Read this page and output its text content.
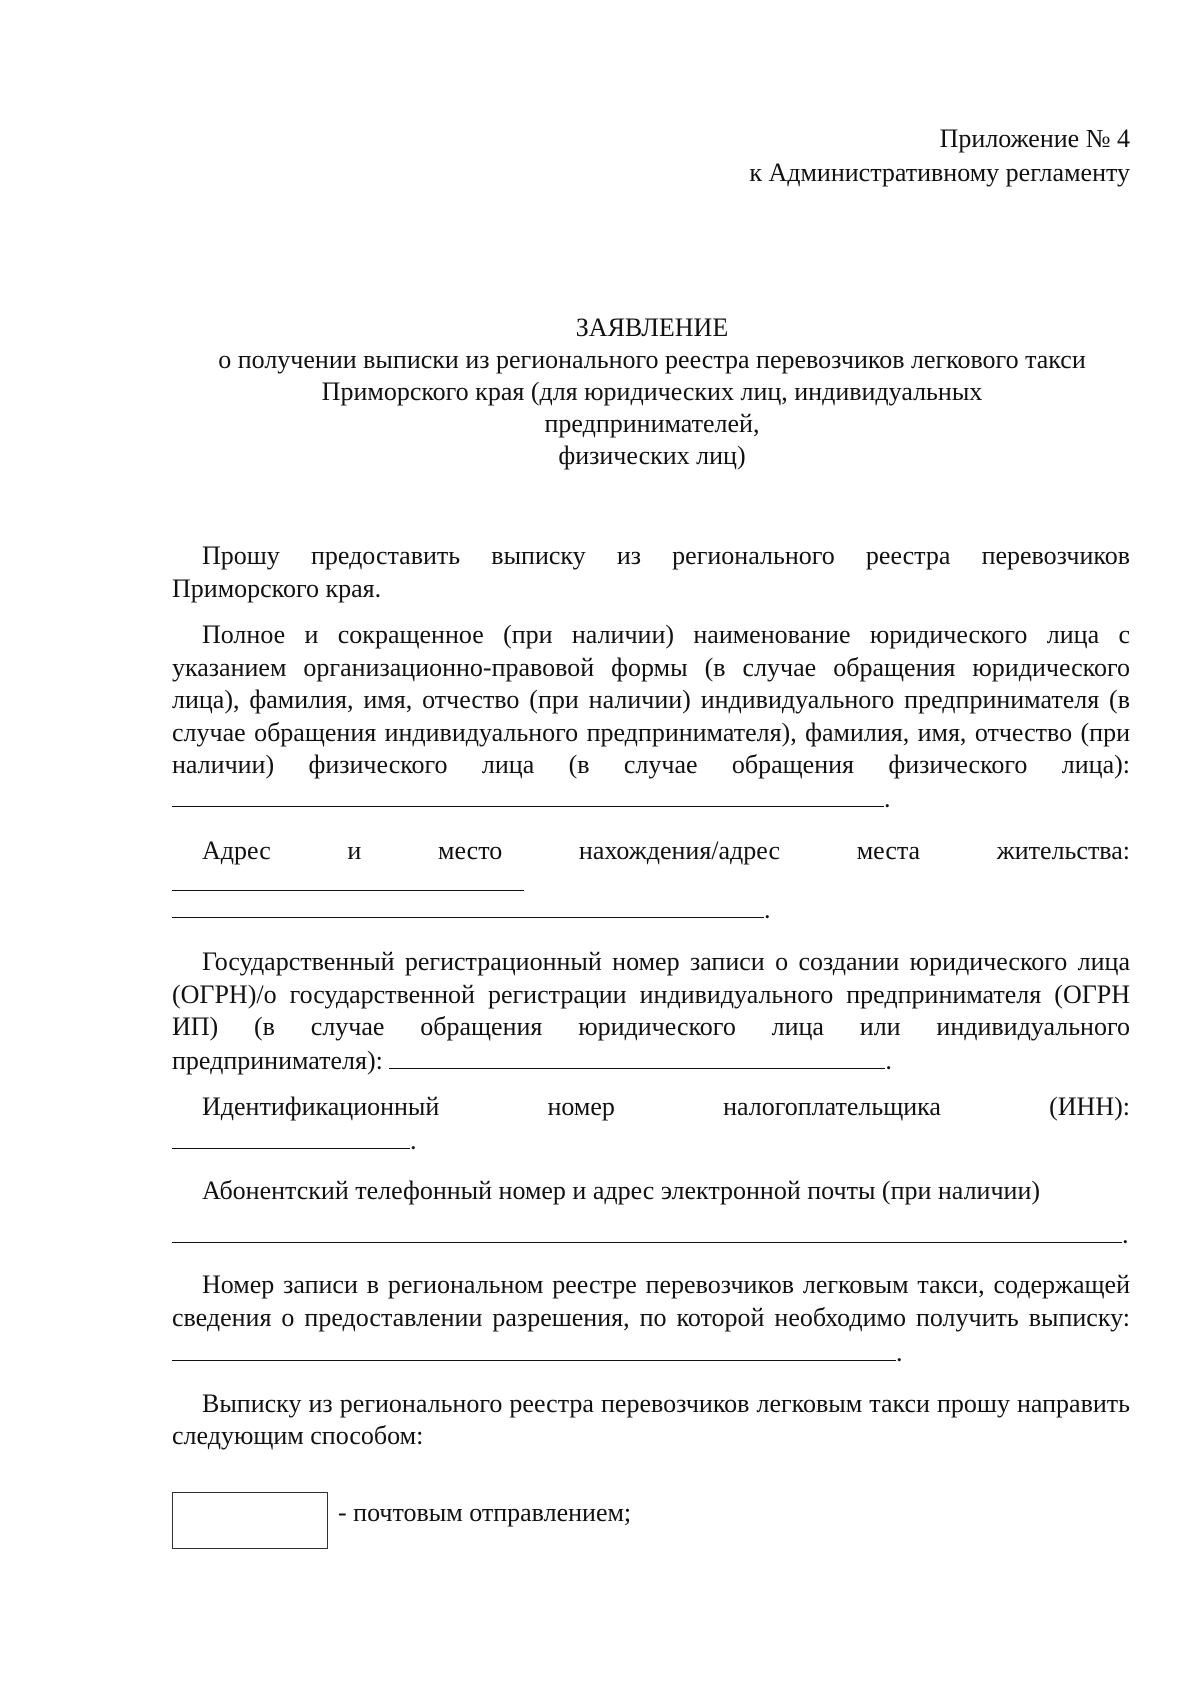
Приложение № 4
к Административному регламенту
ЗАЯВЛЕНИЕ
о получении выписки из регионального реестра перевозчиков легкового такси
Приморского края (для юридических лиц, индивидуальных
предпринимателей,
физических лиц)

Прошу предоставить выписку из регионального реестра перевозчиков Приморского края.

Полное и сокращенное (при наличии) наименование юридического лица с указанием организационно-правовой формы (в случае обращения юридического лица), фамилия, имя, отчество (при наличии) индивидуального предпринимателя (в случае обращения индивидуального предпринимателя), фамилия, имя, отчество (при наличии) физического лица (в случае обращения физического лица): .

Адрес и место нахождения/адрес места жительства:

.

Государственный регистрационный номер записи о создании юридического лица (ОГРН)/о государственной регистрации индивидуального предпринимателя (ОГРН ИП) (в случае обращения юридического лица или индивидуального предпринимателя):	.

Идентификационный номер налогоплательщика (ИНН):

.

Абонентский телефонный номер и адрес электронной почты (при наличии)

.

Номер записи в региональном реестре перевозчиков легковым такси, содержащей сведения о предоставлении разрешения, по которой необходимо получить выписку:

.

Выписку из регионального реестра перевозчиков легковым такси прошу направить следующим способом:

- почтовым отправлением;
